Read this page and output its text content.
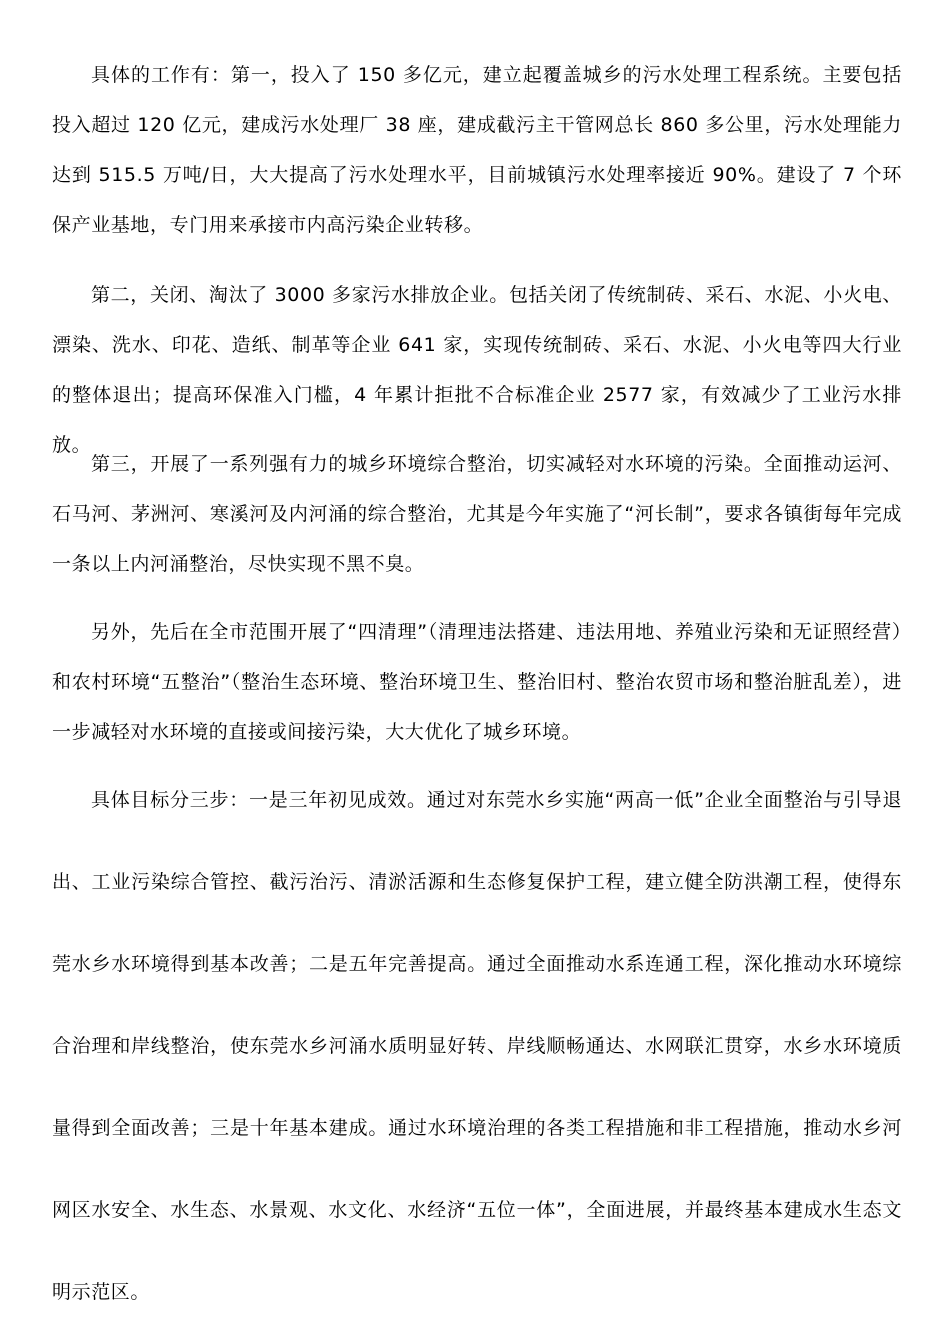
具体的工作有：第一，投入了 150 多亿元，建立起覆盖城乡的污水处理工程系统。主要包括投入超过 120 亿元，建成污水处理厂 38 座，建成截污主干管网总长 860 多公里，污水处理能力达到 515.5 万吨/日，大大提高了污水处理水平，目前城镇污水处理率接近 90%。建设了 7 个环保产业基地，专门用来承接市内高污染企业转移。

第二，关闭、淘汰了 3000 多家污水排放企业。包括关闭了传统制砖、采石、水泥、小火电、漂染、洗水、印花、造纸、制革等企业 641 家，实现传统制砖、采石、水泥、小火电等四大行业的整体退出；提高环保准入门槛，4 年累计拒批不合标准企业 2577 家，有效减少了工业污水排放。

第三，开展了一系列强有力的城乡环境综合整治，切实减轻对水环境的污染。全面推动运河、石马河、茅洲河、寒溪河及内河涌的综合整治，尤其是今年实施了“河长制”，要求各镇街每年完成一条以上内河涌整治，尽快实现不黑不臭。

另外，先后在全市范围开展了“四清理”（清理违法搭建、违法用地、养殖业污染和无证照经营）和农村环境“五整治”（整治生态环境、整治环境卫生、整治旧村、整治农贸市场和整治脏乱差），进一步减轻对水环境的直接或间接污染，大大优化了城乡环境。

具体目标分三步：一是三年初见成效。通过对东莞水乡实施“两高一低”企业全面整治与引导退出、工业污染综合管控、截污治污、清淤活源和生态修复保护工程，建立健全防洪潮工程，使得东莞水乡水环境得到基本改善；二是五年完善提高。通过全面推动水系连通工程，深化推动水环境综合治理和岸线整治，使东莞水乡河涌水质明显好转、岸线顺畅通达、水网联汇贯穿，水乡水环境质量得到全面改善；三是十年基本建成。通过水环境治理的各类工程措施和非工程措施，推动水乡河网区水安全、水生态、水景观、水文化、水经济“五位一体”，全面进展，并最终基本建成水生态文明示范区。
